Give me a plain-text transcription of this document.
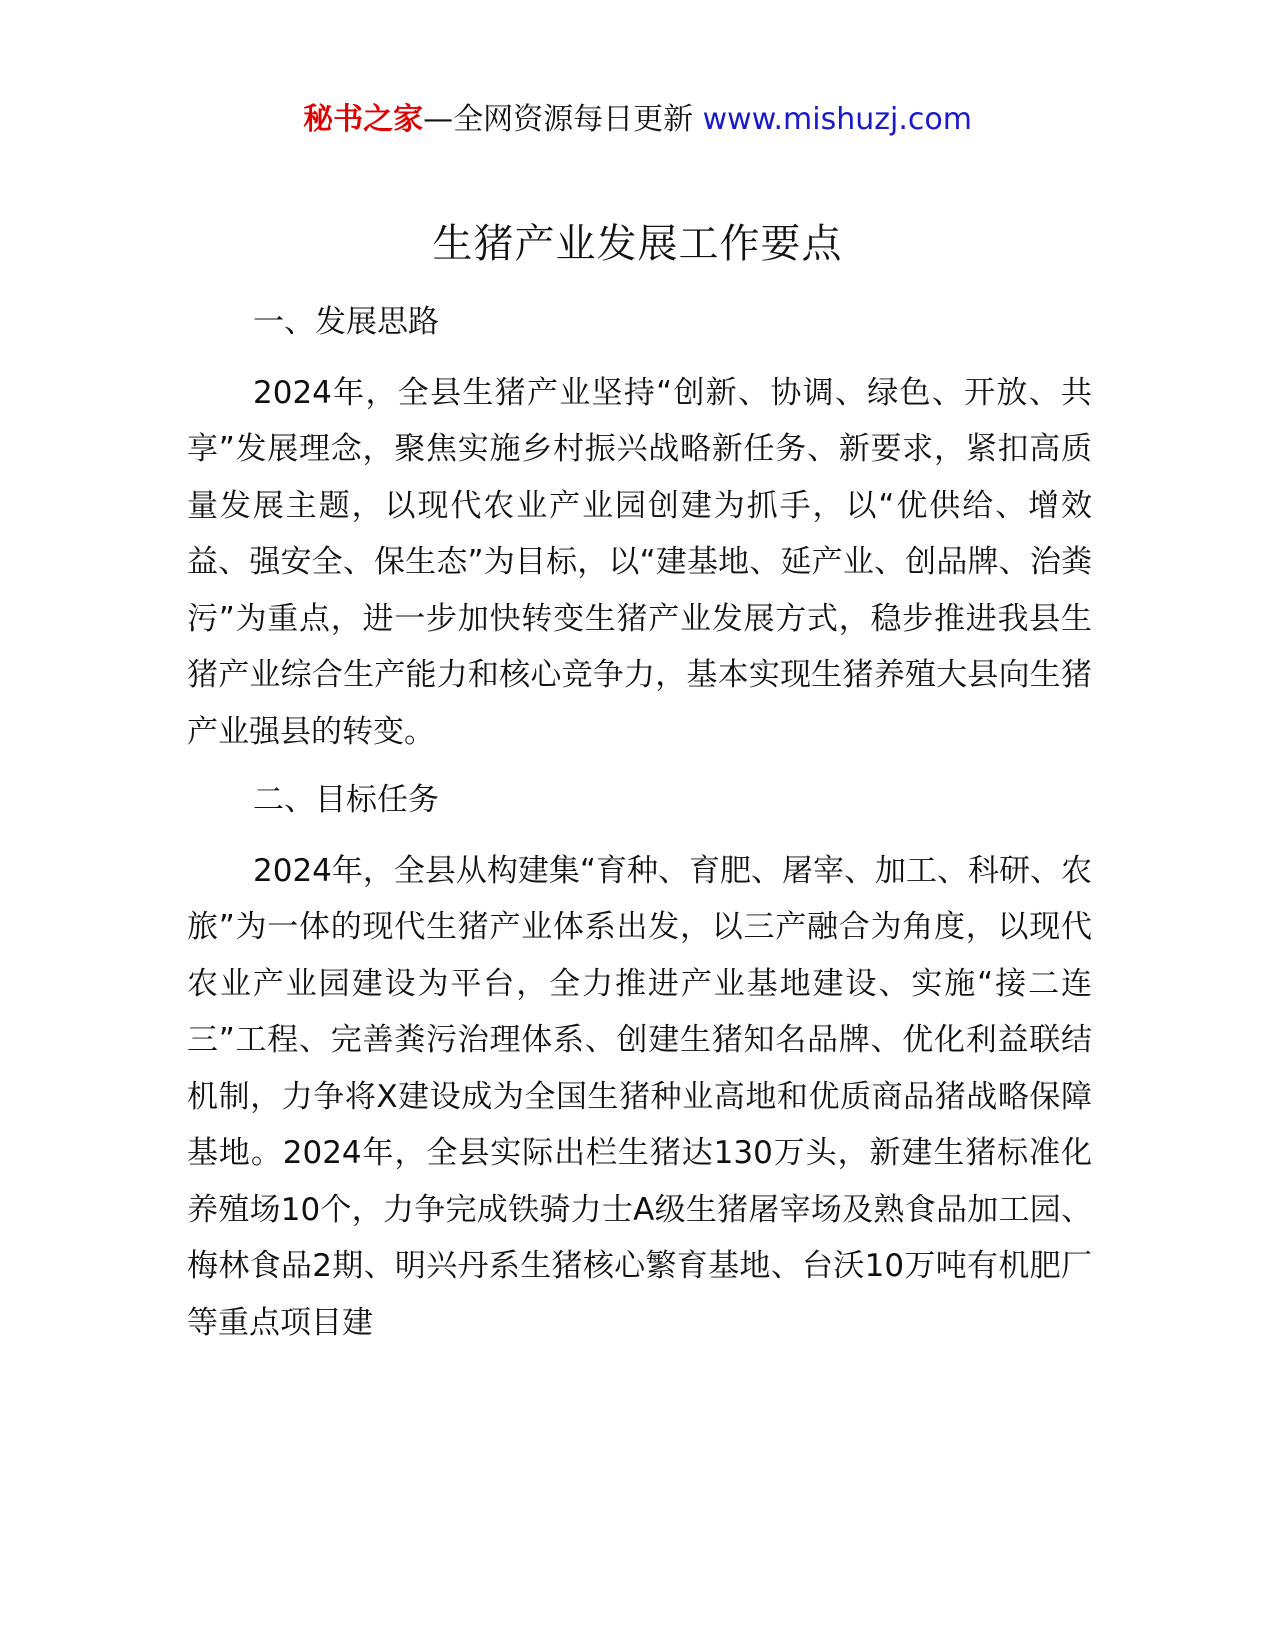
秘书之家—全网资源每日更新 www.mishuzj.com
生猪产业发展工作要点

一、发展思路

2024年，全县生猪产业坚持“创新、协调、绿色、开放、共享”发展理念，聚焦实施乡村振兴战略新任务、新要求，紧扣高质量发展主题，以现代农业产业园创建为抓手，以“优供给、增效益、强安全、保生态”为目标，以“建基地、延产业、创品牌、治粪污”为重点，进一步加快转变生猪产业发展方式，稳步推进我县生猪产业综合生产能力和核心竞争力，基本实现生猪养殖大县向生猪产业强县的转变。

二、目标任务

2024年，全县从构建集“育种、育肥、屠宰、加工、科研、农旅”为一体的现代生猪产业体系出发，以三产融合为角度，以现代农业产业园建设为平台，全力推进产业基地建设、实施“接二连三”工程、完善粪污治理体系、创建生猪知名品牌、优化利益联结机制，力争将X建设成为全国生猪种业高地和优质商品猪战略保障基地。2024年，全县实际出栏生猪达130万头，新建生猪标准化养殖场10个，力争完成铁骑力士A级生猪屠宰场及熟食品加工园、梅林食品2期、明兴丹系生猪核心繁育基地、台沃10万吨有机肥厂等重点项目建
